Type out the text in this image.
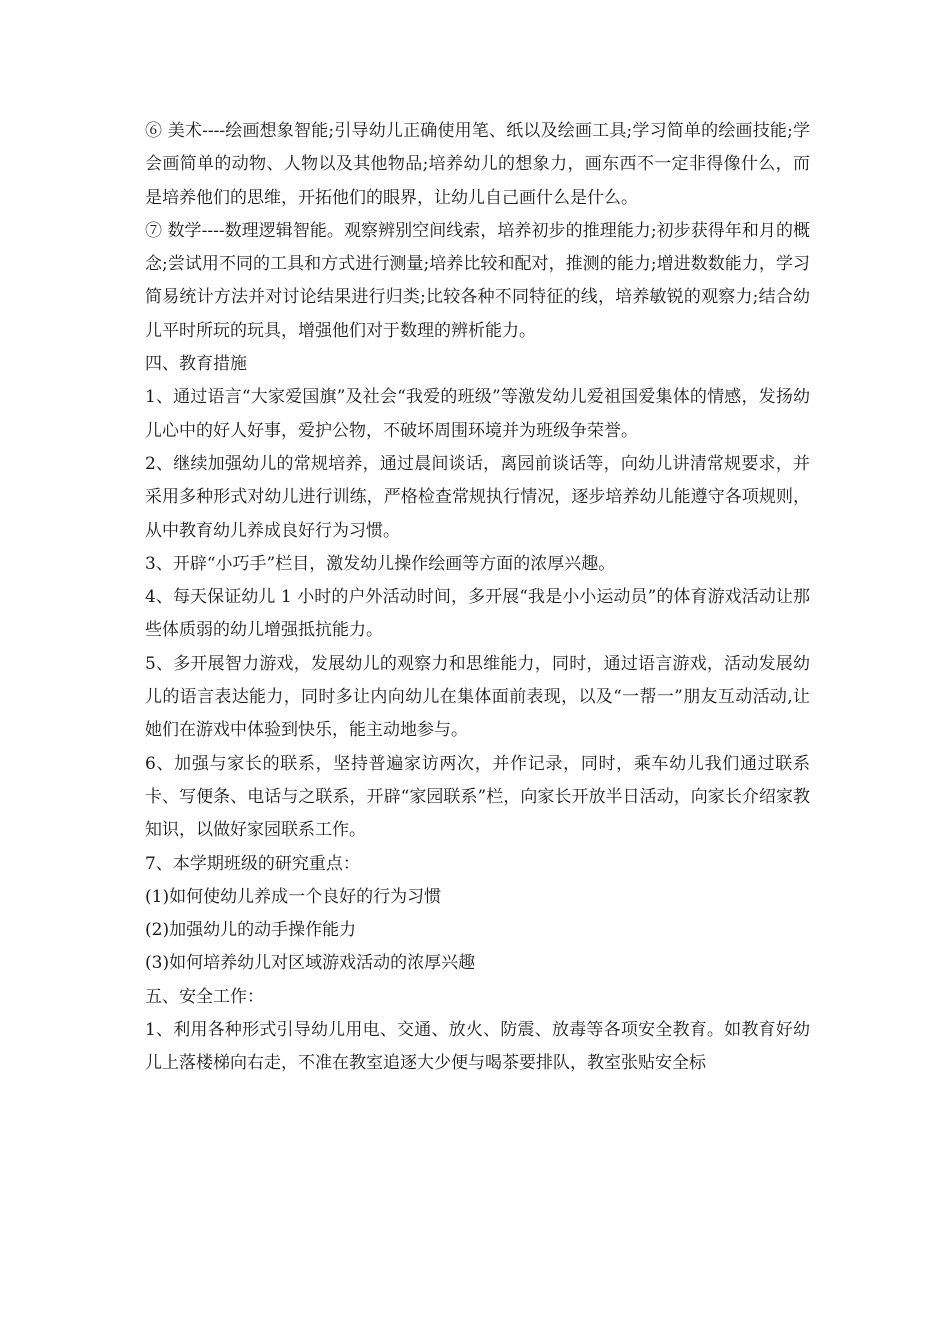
⑥ 美术----绘画想象智能;引导幼儿正确使用笔、纸以及绘画工具;学习简单的绘画技能;学会画简单的动物、人物以及其他物品;培养幼儿的想象力，画东西不一定非得像什么，而是培养他们的思维，开拓他们的眼界，让幼儿自己画什么是什么。

⑦ 数学----数理逻辑智能。观察辨别空间线索，培养初步的推理能力;初步获得年和月的概念;尝试用不同的工具和方式进行测量;培养比较和配对，推测的能力;增进数数能力，学习简易统计方法并对讨论结果进行归类;比较各种不同特征的线，培养敏锐的观察力;结合幼儿平时所玩的玩具，增强他们对于数理的辨析能力。

四、教育措施

1、通过语言“大家爱国旗”及社会“我爱的班级”等激发幼儿爱祖国爱集体的情感，发扬幼儿心中的好人好事，爱护公物，不破坏周围环境并为班级争荣誉。

2、继续加强幼儿的常规培养，通过晨间谈话，离园前谈话等，向幼儿讲清常规要求，并采用多种形式对幼儿进行训练，严格检查常规执行情况，逐步培养幼儿能遵守各项规则，从中教育幼儿养成良好行为习惯。

3、开辟“小巧手”栏目，激发幼儿操作绘画等方面的浓厚兴趣。

4、每天保证幼儿 1 小时的户外活动时间，多开展“我是小小运动员”的体育游戏活动让那些体质弱的幼儿增强抵抗能力。

5、多开展智力游戏，发展幼儿的观察力和思维能力，同时，通过语言游戏，活动发展幼儿的语言表达能力，同时多让内向幼儿在集体面前表现，以及“一帮一”朋友互动活动,让她们在游戏中体验到快乐，能主动地参与。

6、加强与家长的联系，坚持普遍家访两次，并作记录，同时，乘车幼儿我们通过联系卡、写便条、电话与之联系，开辟“家园联系”栏，向家长开放半日活动，向家长介绍家教知识，以做好家园联系工作。

7、本学期班级的研究重点：

(1)如何使幼儿养成一个良好的行为习惯

(2)加强幼儿的动手操作能力

(3)如何培养幼儿对区域游戏活动的浓厚兴趣

五、安全工作：

1、利用各种形式引导幼儿用电、交通、放火、防震、放毒等各项安全教育。如教育好幼儿上落楼梯向右走，不准在教室追逐大少便与喝茶要排队，教室张贴安全标
